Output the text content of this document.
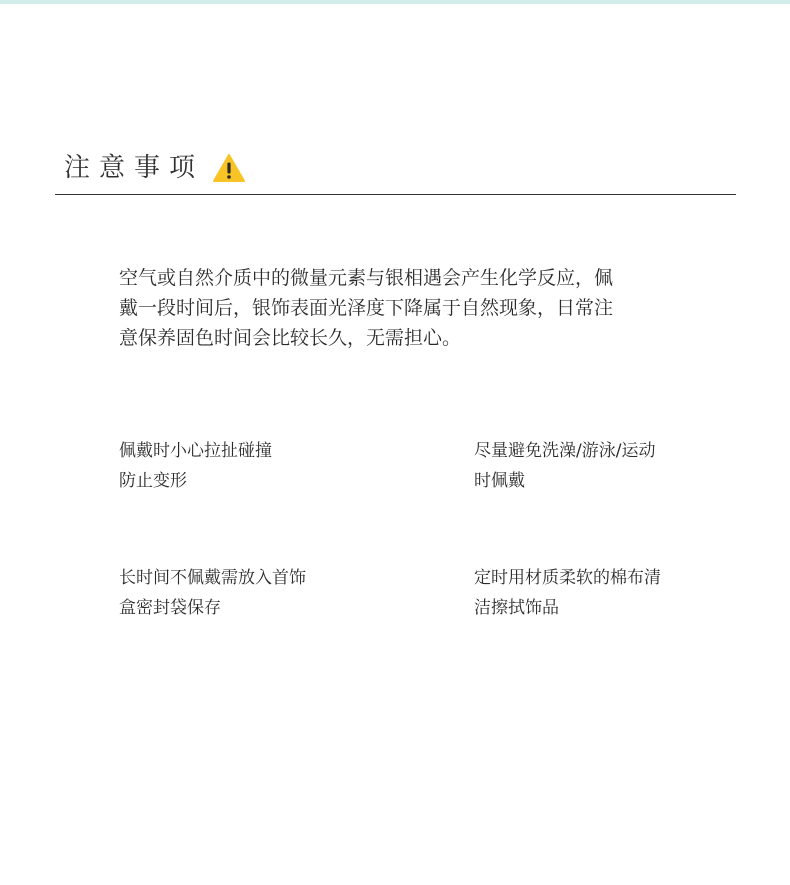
注意事项
空气或自然介质中的微量元素与银相遇会产生化学反应，佩
戴一段时间后，银饰表面光泽度下降属于自然现象，日常注
意保养固色时间会比较长久，无需担心。
佩戴时小心拉扯碰撞
防止变形
尽量避免洗澡/游泳/运动
时佩戴
长时间不佩戴需放入首饰
盒密封袋保存
定时用材质柔软的棉布清
洁擦拭饰品
